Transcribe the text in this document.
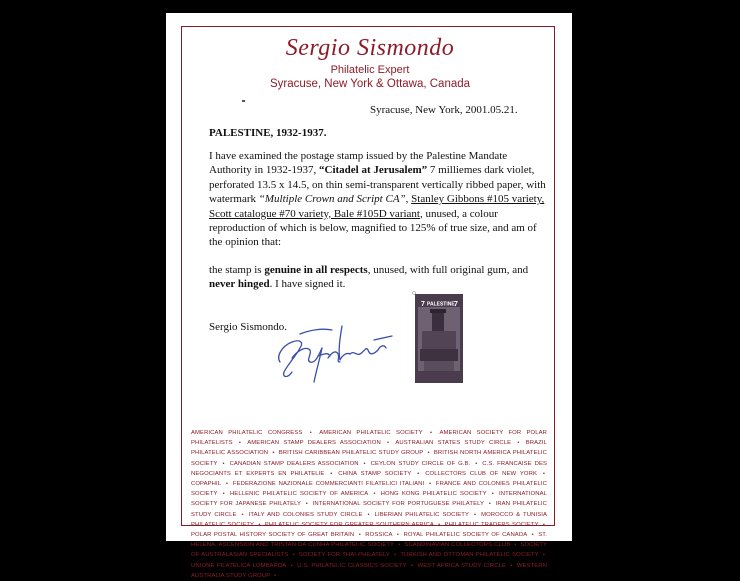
Sergio Sismondo
Philatelic Expert
Syracuse, New York & Ottawa, Canada
Syracuse, New York, 2001.05.21.
PALESTINE, 1932-1937.

I have examined the postage stamp issued by the Palestine Mandate Authority in 1932-1937, “Citadel at Jerusalem” 7 milliemes dark violet, perforated 13.5 x 14.5, on thin semi-transparent vertically ribbed paper, with watermark “Multiple Crown and Script CA”, Stanley Gibbons #105 variety, Scott catalogue #70 variety, Bale #105D variant, unused, a colour reproduction of which is below, magnified to 125% of true size, and am of the opinion that:

the stamp is genuine in all respects, unused, with full original gum, and never hinged. I have signed it.

Sergio Sismondo.
7 PALESTINE 7
AMERICAN PHILATELIC CONGRESS • AMERICAN PHILATELIC SOCIETY • AMERICAN SOCIETY FOR POLAR PHILATELISTS • AMERICAN STAMP DEALERS ASSOCIATION • AUSTRALIAN STATES STUDY CIRCLE • BRAZIL PHILATELIC ASSOCIATION • BRITISH CARIBBEAN PHILATELIC STUDY GROUP • BRITISH NORTH AMERICA PHILATELIC SOCIETY • CANADIAN STAMP DEALERS ASSOCIATION • CEYLON STUDY CIRCLE OF G.B. • C.S. FRANCAISE DES NEGOCIANTS ET EXPERTS EN PHILATELIE • CHINA STAMP SOCIETY • COLLECTORS CLUB OF NEW YORK • COPAPHIL • FEDERAZIONE NAZIONALE COMMERCIANTI FILATELICI ITALIANI • FRANCE AND COLONIES PHILATELIC SOCIETY • HELLENIC PHILATELIC SOCIETY OF AMERICA • HONG KONG PHILATELIC SOCIETY • INTERNATIONAL SOCIETY FOR JAPANESE PHILATELY • INTERNATIONAL SOCIETY FOR PORTUGUESE PHILATELY • IRAN PHILATELIC STUDY CIRCLE • ITALY AND COLONIES STUDY CIRCLE • LIBERIAN PHILATELIC SOCIETY • MOROCCO & TUNISIA PHILATELIC SOCIETY • PHILATELIC SOCIETY FOR GREATER SOUTHERN AFRICA • PHILATELIC TRADERS SOCIETY • POLAR POSTAL HISTORY SOCIETY OF GREAT BRITAIN • ROSSICA • ROYAL PHILATELIC SOCIETY OF CANADA • ST. HELENA, ASCENSION AND TRISTAN DA CUNHA PHILATELIC SOCIETY • SCANDINAVIAN COLLECTORS CLUB • SOCIETY OF AUSTRALASIAN SPECIALISTS • SOCIETY FOR THAI PHILATELY • TURKISH AND OTTOMAN PHILATELIC SOCIETY • UNIONE FILATELICA LOMBARDA • U.S. PHILATELIC CLASSICS SOCIETY • WEST AFRICA STUDY CIRCLE • WESTERN AUSTRALIA STUDY GROUP •
